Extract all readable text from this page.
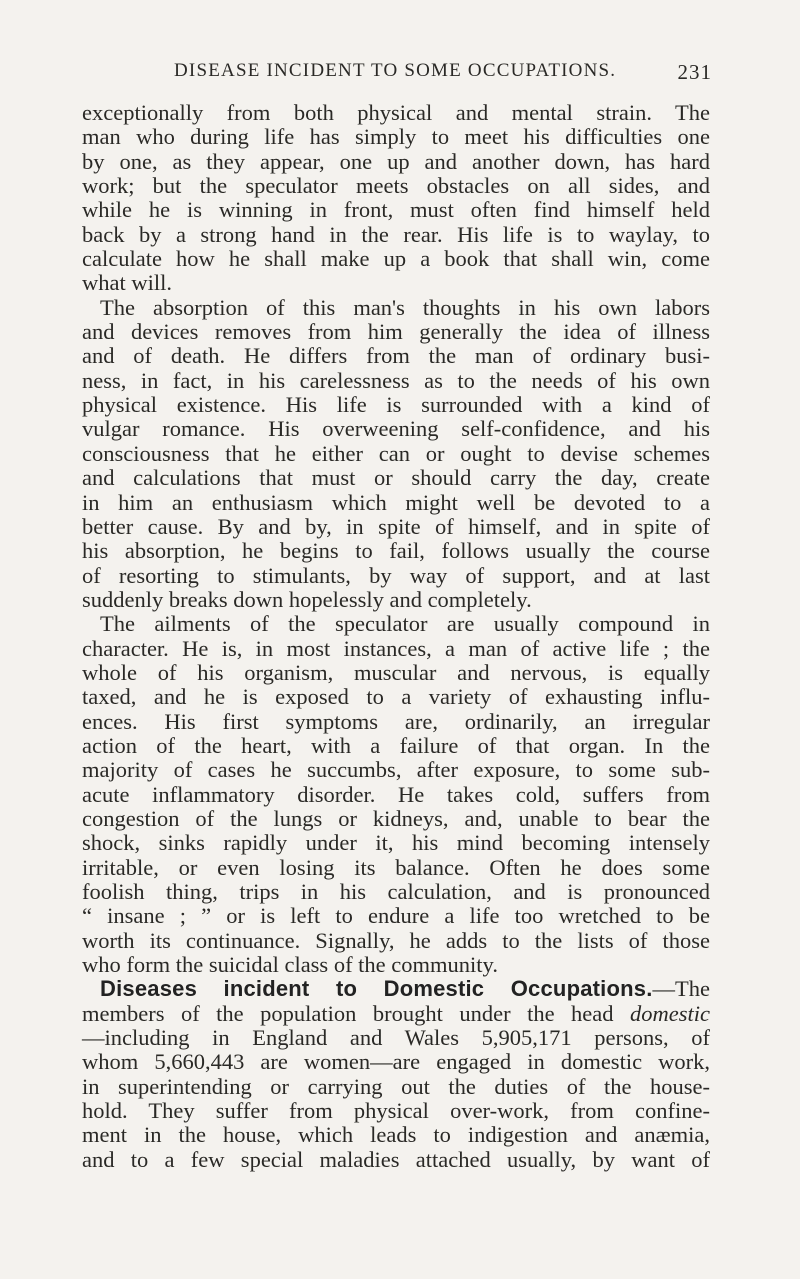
DISEASE INCIDENT TO SOME OCCUPATIONS.	231
exceptionally from both physical and mental strain. The
man who during life has simply to meet his difficulties one
by one, as they appear, one up and another down, has hard
work; but the speculator meets obstacles on all sides, and
while he is winning in front, must often find himself held
back by a strong hand in the rear. His life is to waylay, to
calculate how he shall make up a book that shall win, come
what will.
The absorption of this man's thoughts in his own labors
and devices removes from him generally the idea of illness
and of death. He differs from the man of ordinary busi-
ness, in fact, in his carelessness as to the needs of his own
physical existence. His life is surrounded with a kind of
vulgar romance. His overweening self-confidence, and his
consciousness that he either can or ought to devise schemes
and calculations that must or should carry the day, create
in him an enthusiasm which might well be devoted to a
better cause. By and by, in spite of himself, and in spite of
his absorption, he begins to fail, follows usually the course
of resorting to stimulants, by way of support, and at last
suddenly breaks down hopelessly and completely.
The ailments of the speculator are usually compound in
character. He is, in most instances, a man of active life ; the
whole of his organism, muscular and nervous, is equally
taxed, and he is exposed to a variety of exhausting influ-
ences. His first symptoms are, ordinarily, an irregular
action of the heart, with a failure of that organ. In the
majority of cases he succumbs, after exposure, to some sub-
acute inflammatory disorder. He takes cold, suffers from
congestion of the lungs or kidneys, and, unable to bear the
shock, sinks rapidly under it, his mind becoming intensely
irritable, or even losing its balance. Often he does some
foolish thing, trips in his calculation, and is pronounced
“ insane ; ” or is left to endure a life too wretched to be
worth its continuance. Signally, he adds to the lists of those
who form the suicidal class of the community.
Diseases incident to Domestic Occupations.—The
members of the population brought under the head domestic
—including in England and Wales 5,905,171 persons, of
whom 5,660,443 are women—are engaged in domestic work,
in superintending or carrying out the duties of the house-
hold. They suffer from physical over-work, from confine-
ment in the house, which leads to indigestion and anæmia,
and to a few special maladies attached usually, by want of
